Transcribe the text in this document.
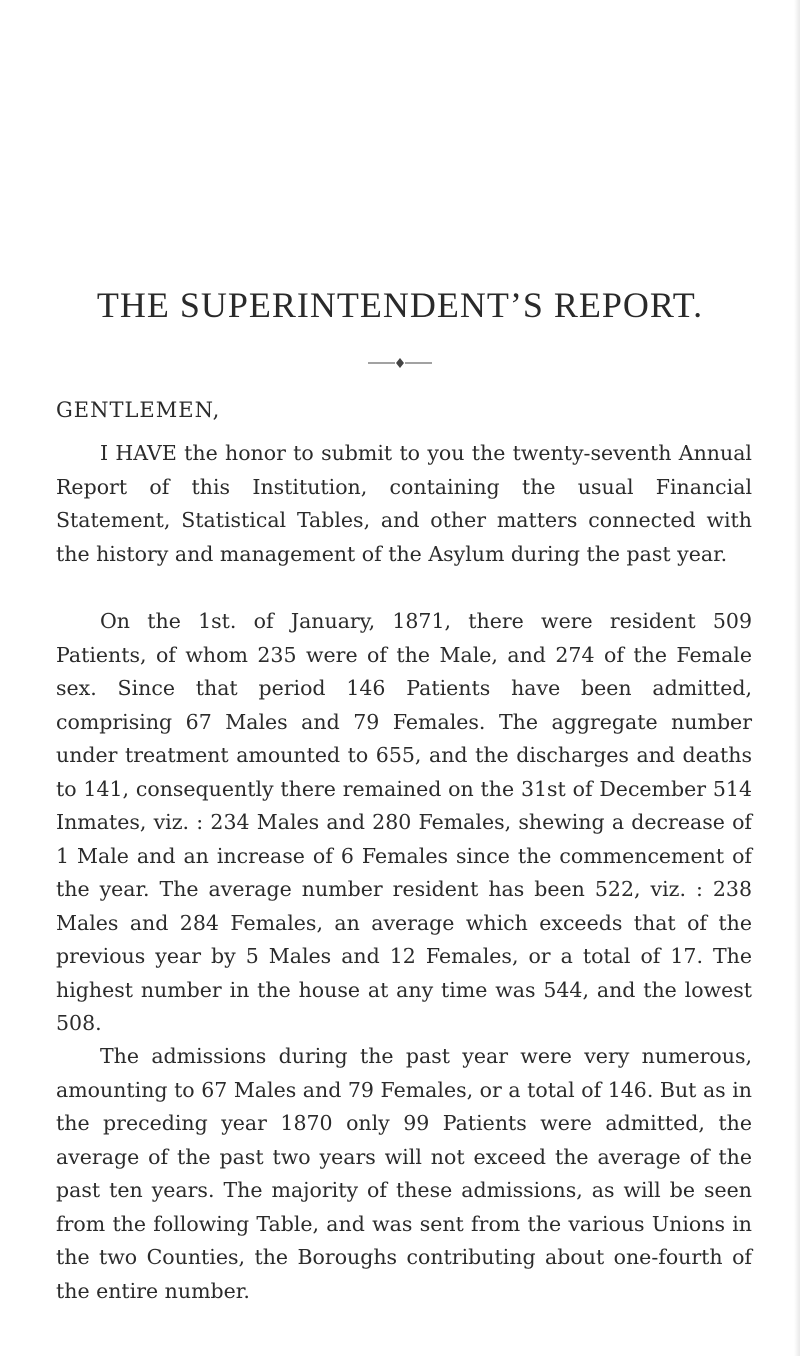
THE SUPERINTENDENT’S REPORT.

GENTLEMEN,

I HAVE the honor to submit to you the twenty-seventh Annual Report of this Institution, containing the usual Financial Statement, Statistical Tables, and other matters connected with the history and management of the Asylum during the past year.

On the 1st. of January, 1871, there were resident 509 Patients, of whom 235 were of the Male, and 274 of the Female sex. Since that period 146 Patients have been admitted, comprising 67 Males and 79 Females. The aggregate number under treatment amounted to 655, and the discharges and deaths to 141, consequently there remained on the 31st of December 514 Inmates, viz. : 234 Males and 280 Females, shewing a decrease of 1 Male and an increase of 6 Females since the commencement of the year. The average number resident has been 522, viz. : 238 Males and 284 Females, an average which exceeds that of the previous year by 5 Males and 12 Females, or a total of 17. The highest number in the house at any time was 544, and the lowest 508.

The admissions during the past year were very numerous, amounting to 67 Males and 79 Females, or a total of 146. But as in the preceding year 1870 only 99 Patients were admitted, the average of the past two years will not exceed the average of the past ten years. The majority of these admissions, as will be seen from the following Table, and was sent from the various Unions in the two Counties, the Boroughs contributing about one-fourth of the entire number.
